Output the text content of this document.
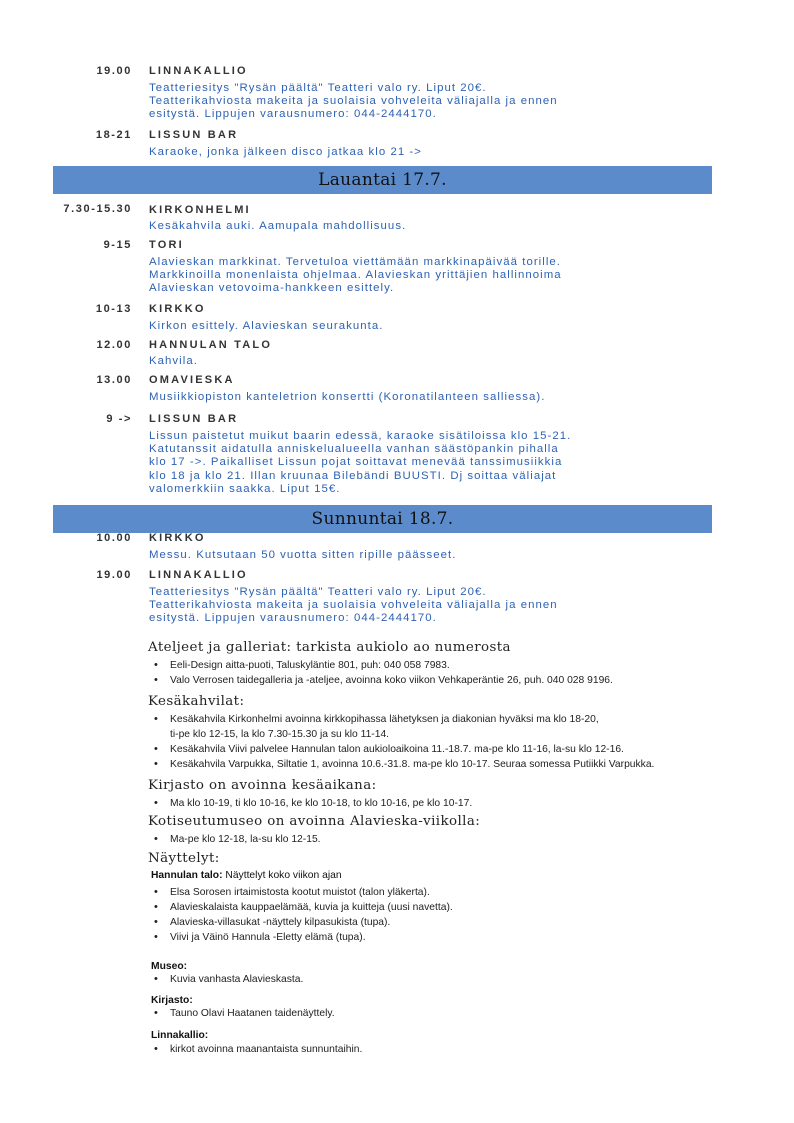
19.00 LINNAKALLIO
Teatteriesitys "Rysän päältä" Teatteri valo ry. Liput 20€.
Teatterikahviosta makeita ja suolaisia vohveleita väliajalla ja ennen
esitystä. Lippujen varausnumero: 044-2444170.
18-21 LISSUN BAR
Karaoke, jonka jälkeen disco jatkaa klo 21 ->
Lauantai 17.7.
7.30-15.30 KIRKONHELMI
Kesäkahvila auki. Aamupala mahdollisuus.
9-15 TORI
Alavieskan markkinat. Tervetuloa viettämään markkinapäivää torille.
Markkinoilla monenlaista ohjelmaa. Alavieskan yrittäjien hallinnoima
Alavieskan vetovoima-hankkeen esittely.
10-13 KIRKKO
Kirkon esittely. Alavieskan seurakunta.
12.00 HANNULAN TALO
Kahvila.
13.00 OMAVIESKA
Musiikkiopiston kanteletrion konsertti (Koronatilanteen salliessa).
9 -> LISSUN BAR
Lissun paistetut muikut baarin edessä, karaoke sisätiloissa klo 15-21.
Katutanssit aidatulla anniskelualueella vanhan säästöpankin pihalla
klo 17 ->. Paikalliset Lissun pojat soittavat menevää tanssimusiikkia
klo 18 ja klo 21. Illan kruunaa Bilebändi BUUSTI. Dj soittaa väliajat
valomerkkiin saakka. Liput 15€.
Sunnuntai 18.7.
10.00 KIRKKO
Messu. Kutsutaan 50 vuotta sitten ripille päässeet.
19.00 LINNAKALLIO
Teatteriesitys "Rysän päältä" Teatteri valo ry. Liput 20€.
Teatterikahviosta makeita ja suolaisia vohveleita väliajalla ja ennen
esitystä. Lippujen varausnumero: 044-2444170.
Ateljeet ja galleriat: tarkista aukiolo ao numerosta
• Eeli-Design aitta-puoti, Taluskyläntie 801, puh: 040 058 7983.
• Valo Verrosen taidegalleria ja -ateljee, avoinna koko viikon Vehkaperäntie 26, puh. 040 028 9196.
Kesäkahvilat:
• Kesäkahvila Kirkonhelmi avoinna kirkkopihassa lähetyksen ja diakonian hyväksi ma klo 18-20,
ti-pe klo 12-15, la klo 7.30-15.30 ja su klo 11-14.
• Kesäkahvila Viivi palvelee Hannulan talon aukioloaikoina 11.-18.7. ma-pe klo 11-16, la-su klo 12-16.
• Kesäkahvila Varpukka, Siltatie 1, avoinna 10.6.-31.8. ma-pe klo 10-17. Seuraa somessa Putiikki Varpukka.
Kirjasto on avoinna kesäaikana:
• Ma klo 10-19, ti klo 10-16, ke klo 10-18, to klo 10-16, pe klo 10-17.
Kotiseutumuseo on avoinna Alavieska-viikolla:
• Ma-pe klo 12-18, la-su klo 12-15.
Näyttelyt:
Hannulan talo: Näyttelyt koko viikon ajan
• Elsa Sorosen irtaimistosta kootut muistot (talon yläkerta).
• Alavieskalaista kauppaelämää, kuvia ja kuitteja (uusi navetta).
• Alavieska-villasukat -näyttely kilpasukista (tupa).
• Viivi ja Väinö Hannula -Eletty elämä (tupa).
Museo:
• Kuvia vanhasta Alavieskasta.
Kirjasto:
• Tauno Olavi Haatanen taidenäyttely.
Linnakallio:
• kirkot avoinna maanantaista sunnuntaihin.
